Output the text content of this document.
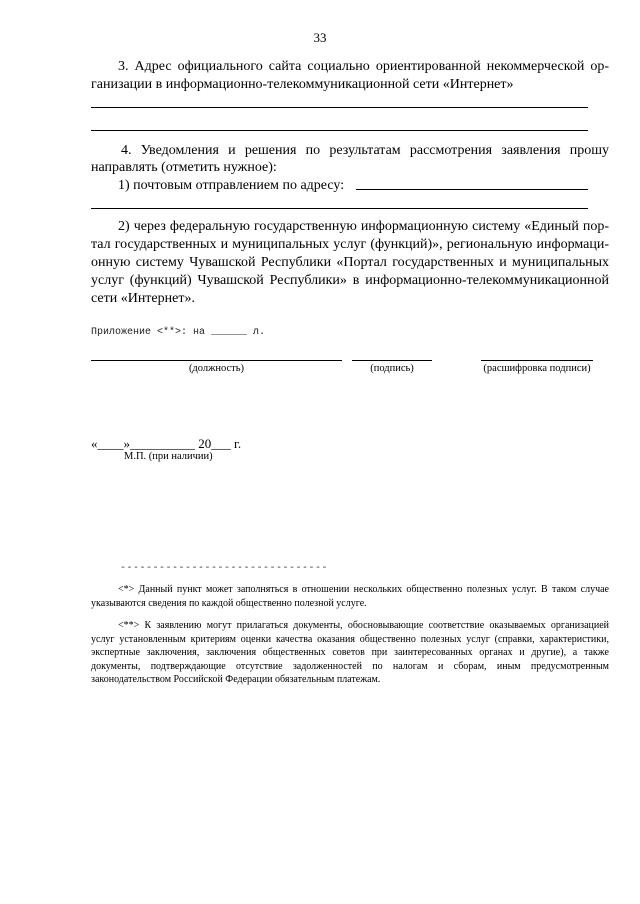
33
3. Адрес официального сайта социально ориентированной некоммерческой ор-
ганизации в информационно-телекоммуникационной сети «Интернет»
4. Уведомления и решения по результатам рассмотрения заявления прошу
направлять (отметить нужное):
1) почтовым отправлением по адресу:
2) через федеральную государственную информационную систему «Единый пор-
тал государственных и муниципальных услуг (функций)», региональную информаци-
онную систему Чувашской Республики «Портал государственных и муниципальных
услуг (функций) Чувашской Республики» в информационно-телекоммуникационной
сети «Интернет».
Приложение <**>: на ______ л.
(должность)	(подпись)	(расшифровка подписи)
«____»__________ 20___ г.
М.П. (при наличии)
--------------------------------
<*> Данный пункт может заполняться в отношении нескольких общественно полезных услуг. В таком случае указываются сведения по каждой общественно полезной услуге.
<**> К заявлению могут прилагаться документы, обосновывающие соответствие оказываемых организацией услуг установленным критериям оценки качества оказания общественно полезных услуг (справки, характеристики, экспертные заключения, заключения общественных советов при заинтересованных органах и другие), а также документы, подтверждающие отсутствие задолженностей по налогам и сборам, иным предусмотренным законодательством Российской Федерации обязательным платежам.
